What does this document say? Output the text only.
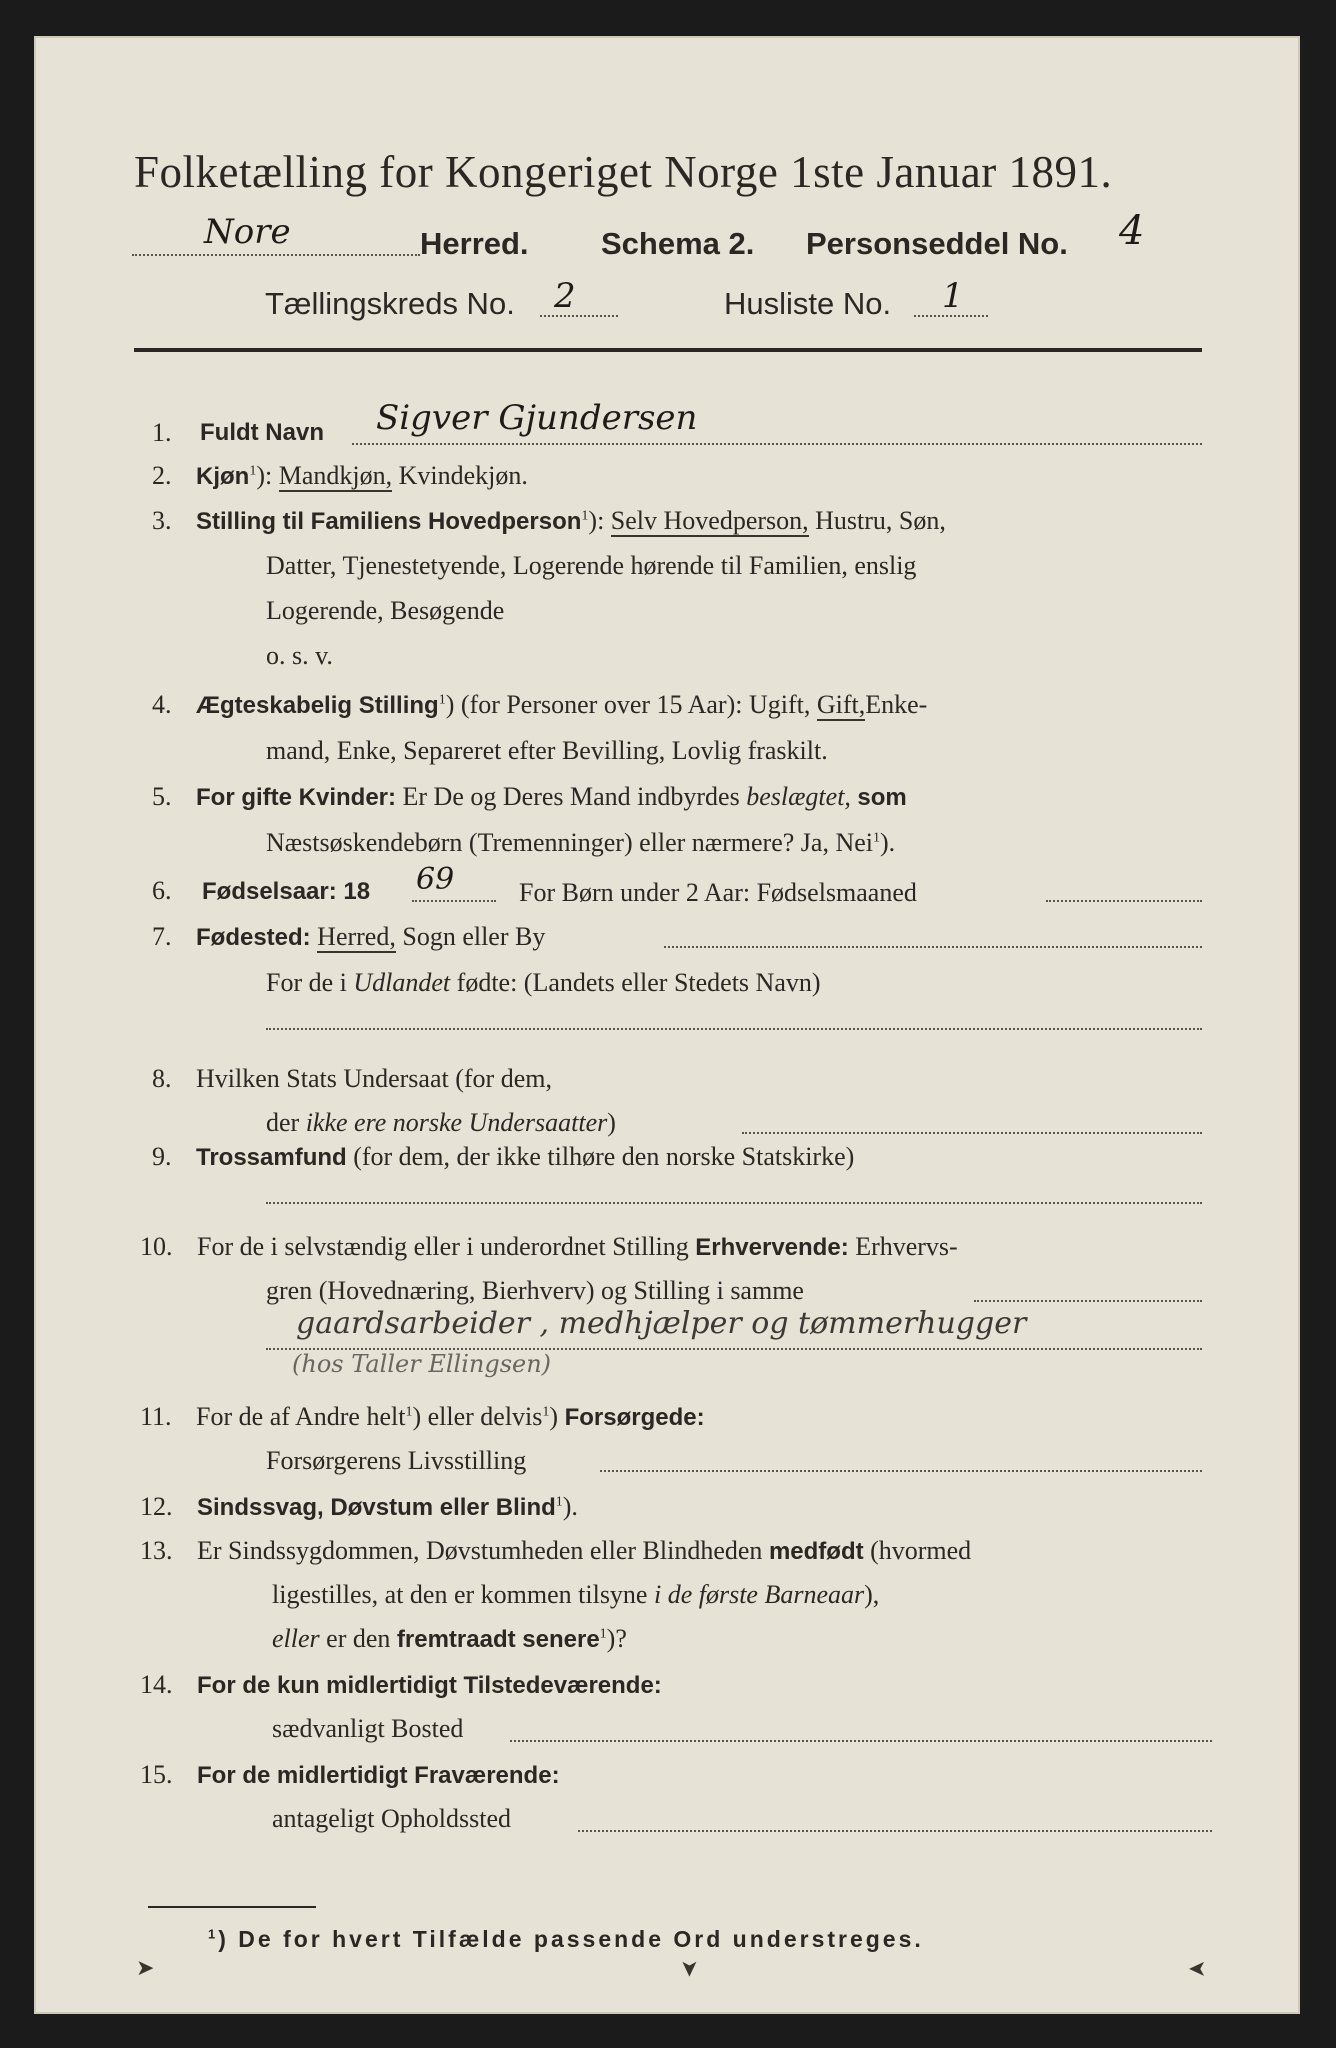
Folketælling for Kongeriget Norge 1ste Januar 1891.
Nore	Herred. Schema 2. Personseddel No. 4
Tællingskreds No. 2	Husliste No. 1
1. Fuldt Navn Sigver Gjundersen
2. Kjøn$^1$): Mandkjøn, Kvindekjøn.
3. Stilling til Familiens Hovedperson$^1$): Selv Hovedperson, Hustru, Søn,
Datter, Tjenestetyende, Logerende hørende til Familien, enslig
Logerende, Besøgende
o. s. v.
4. Ægteskabelig Stilling$^1$) (for Personer over 15 Aar): Ugift, Gift,Enke-
mand, Enke, Separeret efter Bevilling, Lovlig fraskilt.
5. For gifte Kvinder: Er De og Deres Mand indbyrdes beslægtet, som
Næstsøskendebørn (Tremenninger) eller nærmere? Ja, Nei$^1$).
6. Fødselsaar: 18 69 For Børn under 2 Aar: Fødselsmaaned
7. Fødested: Herred, Sogn eller By
For de i Udlandet fødte: (Landets eller Stedets Navn)
8. Hvilken Stats Undersaat (for dem,
der ikke ere norske Undersaatter)
9. Trossamfund (for dem, der ikke tilhøre den norske Statskirke)
10. For de i selvstændig eller i underordnet Stilling Erhvervende: Erhvervs-
gren (Hovednæring, Bierhverv) og Stilling i samme
gaardsarbeider , medhjælper og tømmerhugger
(hos Taller Ellingsen)
11. For de af Andre helt$^1$) eller delvis$^1$) Forsørgede:
Forsørgerens Livsstilling
12. Sindssvag, Døvstum eller Blind$^1$).
13. Er Sindssygdommen, Døvstumheden eller Blindheden medfødt (hvormed
ligestilles, at den er kommen tilsyne i de første Barneaar),
eller er den fremtraadt senere$^1$)?
14. For de kun midlertidigt Tilstedeværende:
sædvanligt Bosted
15. For de midlertidigt Fraværende:
antageligt Opholdssted
$^1$) De for hvert Tilfælde passende Ord understreges.
➤	➤	➤
